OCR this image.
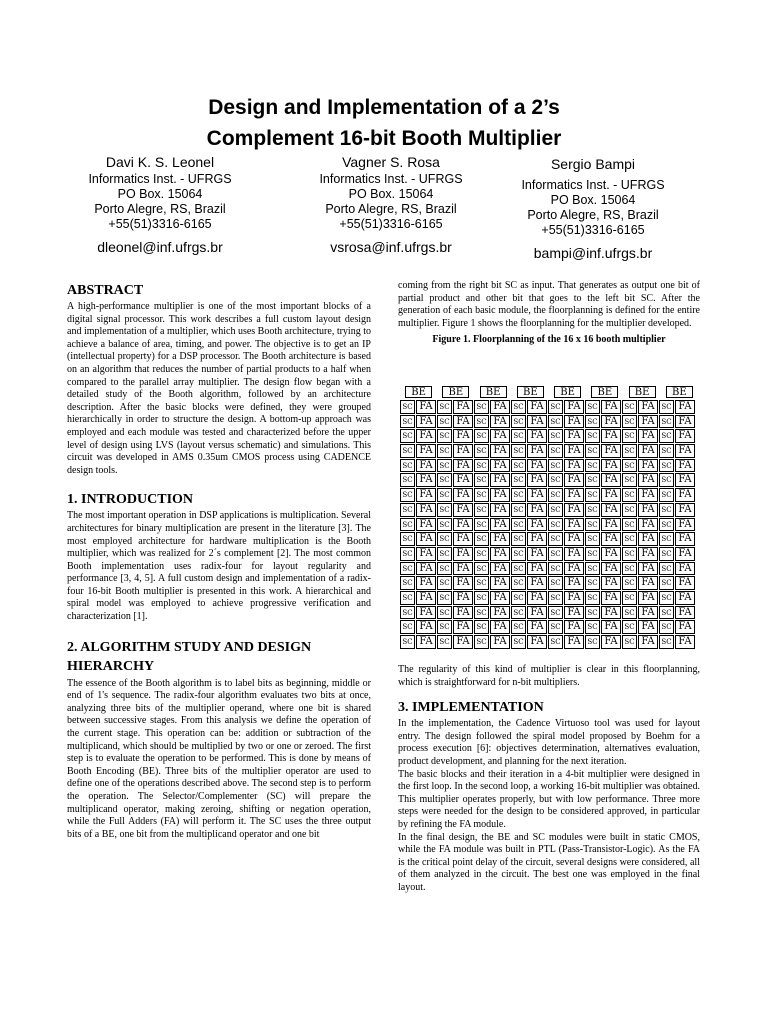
Design and Implementation of a 2’s
Complement 16-bit Booth Multiplier
Davi K. S. Leonel
Informatics Inst. - UFRGS
PO Box. 15064
Porto Alegre, RS, Brazil
+55(51)3316-6165
dleonel@inf.ufrgs.br
Vagner S. Rosa
Informatics Inst. - UFRGS
PO Box. 15064
Porto Alegre, RS, Brazil
+55(51)3316-6165
vsrosa@inf.ufrgs.br
Sergio Bampi
Informatics Inst. - UFRGS
PO Box. 15064
Porto Alegre, RS, Brazil
+55(51)3316-6165
bampi@inf.ufrgs.br
ABSTRACT

A high-performance multiplier is one of the most important blocks of a digital signal processor. This work describes a full custom layout design and implementation of a multiplier, which uses Booth architecture, trying to achieve a balance of area, timing, and power. The objective is to get an IP (intellectual property) for a DSP processor. The Booth architecture is based on an algorithm that reduces the number of partial products to a half when compared to the parallel array multiplier. The design flow began with a detailed study of the Booth algorithm, followed by an architecture description. After the basic blocks were defined, they were grouped hierarchically in order to structure the design. A bottom-up approach was employed and each module was tested and characterized before the upper level of design using LVS (layout versus schematic) and simulations. This circuit was developed in AMS 0.35um CMOS process using CADENCE design tools.

1. INTRODUCTION

The most important operation in DSP applications is multiplication. Several architectures for binary multiplication are present in the literature [3]. The most employed architecture for hardware multiplication is the Booth multiplier, which was realized for 2´s complement [2]. The most common Booth implementation uses radix-four for layout regularity and performance [3, 4, 5]. A full custom design and implementation of a radix-four 16-bit Booth multiplier is presented in this work. A hierarchical and spiral model was employed to achieve progressive verification and characterization [1].

2. ALGORITHM STUDY AND DESIGN HIERARCHY

The essence of the Booth algorithm is to label bits as beginning, middle or end of 1's sequence. The radix-four algorithm evaluates two bits at once, analyzing three bits of the multiplier operand, where one bit is shared between successive stages. From this analysis we define the operation of the current stage. This operation can be: addition or subtraction of the multiplicand, which should be multiplied by two or one or zeroed. The first step is to evaluate the operation to be performed. This is done by means of Booth Encoding (BE). Three bits of the multiplier operator are used to define one of the operations described above. The second step is to perform the operation. The Selector/Complementer (SC) will prepare the multiplicand operator, making zeroing, shifting or negation operation, while the Full Adders (FA) will perform it. The SC uses the three output bits of a BE, one bit from the multiplicand operator and one bit

coming from the right bit SC as input. That generates as output one bit of partial product and other bit that goes to the left bit SC. After the generation of each basic module, the floorplanning is defined for the entire multiplier. Figure 1 shows the floorplanning for the multiplier developed.

Figure 1. Floorplanning of the 16 x 16 booth multiplier

BE	BE	BE	BE	BE	BE	BE	BE
SC FA SC FA SC FA SC FA SC FA SC FA SC FA SC FA
SC FA SC FA SC FA SC FA SC FA SC FA SC FA SC FA
SC FA SC FA SC FA SC FA SC FA SC FA SC FA SC FA
SC FA SC FA SC FA SC FA SC FA SC FA SC FA SC FA
SC FA SC FA SC FA SC FA SC FA SC FA SC FA SC FA
SC FA SC FA SC FA SC FA SC FA SC FA SC FA SC FA
SC FA SC FA SC FA SC FA SC FA SC FA SC FA SC FA
SC FA SC FA SC FA SC FA SC FA SC FA SC FA SC FA
SC FA SC FA SC FA SC FA SC FA SC FA SC FA SC FA
SC FA SC FA SC FA SC FA SC FA SC FA SC FA SC FA
SC FA SC FA SC FA SC FA SC FA SC FA SC FA SC FA
SC FA SC FA SC FA SC FA SC FA SC FA SC FA SC FA
SC FA SC FA SC FA SC FA SC FA SC FA SC FA SC FA
SC FA SC FA SC FA SC FA SC FA SC FA SC FA SC FA
SC FA SC FA SC FA SC FA SC FA SC FA SC FA SC FA
SC FA SC FA SC FA SC FA SC FA SC FA SC FA SC FA
SC FA SC FA SC FA SC FA SC FA SC FA SC FA SC FA

The regularity of this kind of multiplier is clear in this floorplanning, which is straightforward for n-bit multipliers.

3. IMPLEMENTATION

In the implementation, the Cadence Virtuoso tool was used for layout entry. The design followed the spiral model proposed by Boehm for a process execution [6]: objectives determination, alternatives evaluation, product development, and planning for the next iteration.

The basic blocks and their iteration in a 4-bit multiplier were designed in the first loop. In the second loop, a working 16-bit multiplier was obtained. This multiplier operates properly, but with low performance. Three more steps were needed for the design to be considered approved, in particular by refining the FA module.

In the final design, the BE and SC modules were built in static CMOS, while the FA module was built in PTL (Pass-Transistor-Logic). As the FA is the critical point delay of the circuit, several designs were considered, all of them analyzed in the circuit. The best one was employed in the final layout.
